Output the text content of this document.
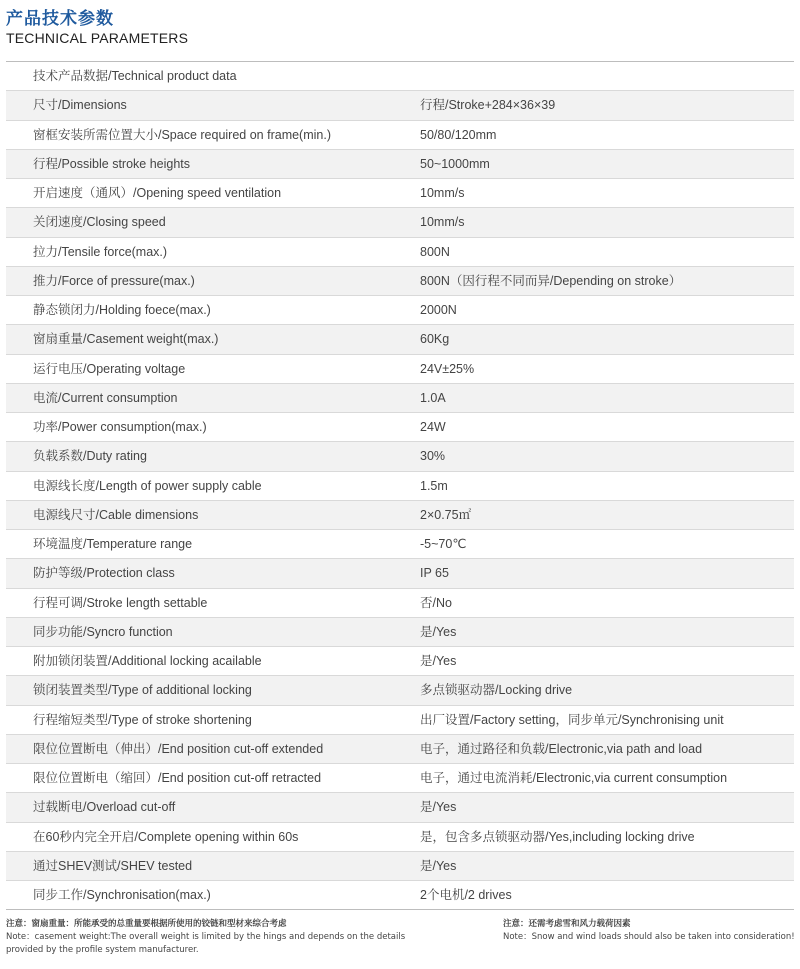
产品技术参数
TECHNICAL PARAMETERS
技术产品数据/Technical product data
尺寸/Dimensions	行程/Stroke+284×36×39
窗框安装所需位置大小/Space required on frame(min.)	50/80/120mm
行程/Possible stroke heights	50~1000mm
开启速度（通风）/Opening speed ventilation	10mm/s
关闭速度/Closing speed	10mm/s
拉力/Tensile force(max.)	800N
推力/Force of pressure(max.)	800N（因行程不同而异/Depending on stroke）
静态锁闭力/Holding foece(max.)	2000N
窗扇重量/Casement weight(max.)	60Kg
运行电压/Operating voltage	24V±25%
电流/Current consumption	1.0A
功率/Power consumption(max.)	24W
负载系数/Duty rating	30%
电源线长度/Length of power supply cable	1.5m
电源线尺寸/Cable dimensions	2×0.75㎡
环境温度/Temperature range	-5~70℃
防护等级/Protection class	IP 65
行程可调/Stroke length settable	否/No
同步功能/Syncro function	是/Yes
附加锁闭装置/Additional locking acailable	是/Yes
锁闭装置类型/Type of additional locking	多点锁驱动器/Locking drive
行程缩短类型/Type of stroke shortening	出厂设置/Factory setting，同步单元/Synchronising unit
限位位置断电（伸出）/End position cut-off extended	电子，通过路径和负载/Electronic,via path and load
限位位置断电（缩回）/End position cut-off retracted	电子，通过电流消耗/Electronic,via current consumption
过载断电/Overload cut-off	是/Yes
在60秒内完全开启/Complete opening within 60s	是，包含多点锁驱动器/Yes,including locking drive
通过SHEV测试/SHEV tested	是/Yes
同步工作/Synchronisation(max.)	2个电机/2 drives
注意：窗扇重量：所能承受的总重量要根据所使用的铰链和型材来综合考虑
Note：casement weight:The overall weight is limited by the hings and depends on the details
provided by the profile system manufacturer.
注意：还需考虑雪和风力载荷因素
Note：Snow and wind loads should also be taken into consideration!
